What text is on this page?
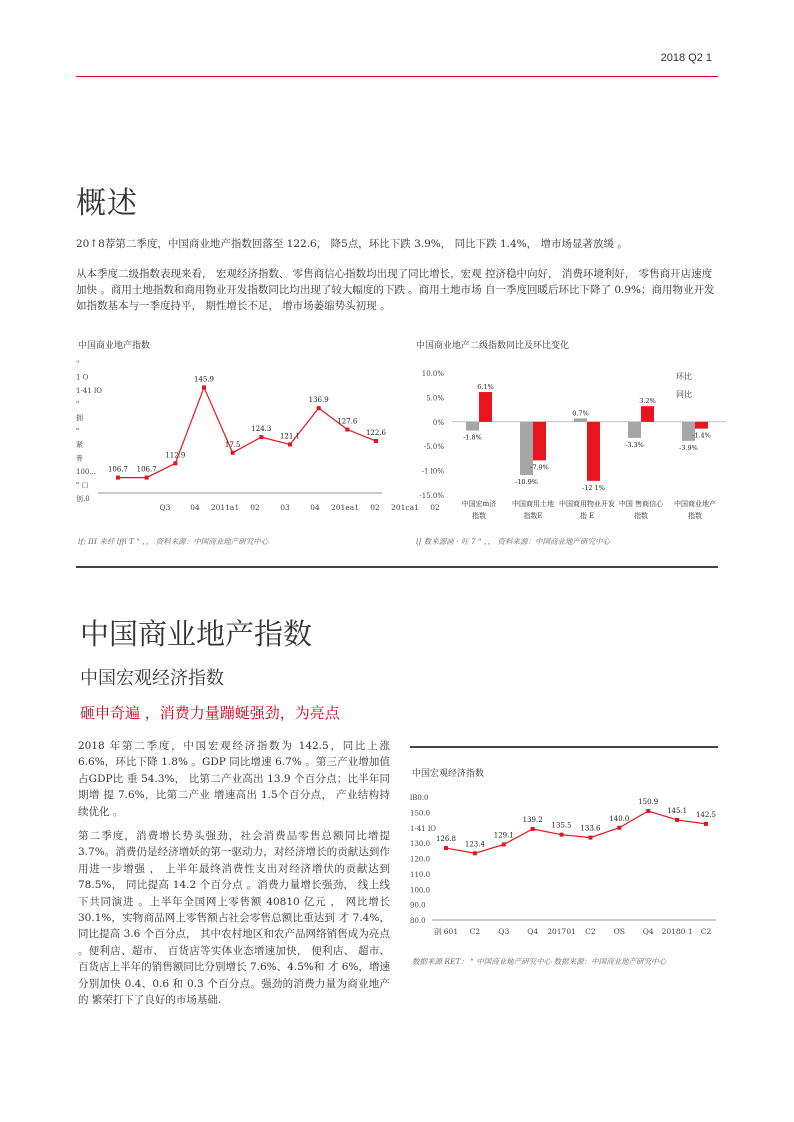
2018 Q2 1
概述
20↑8荐第二季度，中国商业地产指数回落至 122.6， 降5点，环比下跌 3.9%， 同比下跌 1.4%， 增市场显著放缓 。
从本季度二级指数表现来看， 宏观经济指数、 零售商信心指数均出现了同比增长，宏观 控济稳中向好， 消费环境利好， 零售商开店速度加快 。商用土地指数和商用物业开发指数同比均出现了较大幅度的下跌 。商用土地市场 自一季度回暖后环比下降了 0.9%；商用物业开发 如指数基本与一季度持平， 期性增长不足， 增市场萎缩势头初现 。
中国商业地产指数
"
1 O
1-41 lO
"
拥
"
紧
骨
100...
" 口
创.0
Q3	04 2011a1 02	03	04 201ea1 02 201ca1 02
106.7 106.7
112.9
145.9
17.5
124.3
121.1
136.9
127.6
122.6
lf; III 来纤 lffl T " ，， 资料来源：中国商业地产研究中心
中国商业地产二级指数同比及环比变化
10.0%
5.0%
0%
-5.0%
-1 l0%
-15.0%
-1.8%
6.1%
-10.9%
-7.9%
0.7%
-12 1%
-3.3%
3.2%
-3.9%
-1.4%
中国宏m济
指数
中国商用土地
指数E
中国商用物业开发
指 E
中国 售商信心
指数
中国商业地产
指数
环比
同比
lJ 数来源画 · 旺 7 " ，， 资料来源：中国商业地产研究中心
中国商业地产指数
中国宏观经济指数
砸申奇遍 ，消费力量蹦蜒强劲，为亮点
2018 年第二季度，中国宏观经济指数为 142.5，同比上涨 6.6%，环比下降 1.8% 。GDP 同比增速 6.7% 。第三产业增加值 占GDP比 重 54.3%， 比第二产业高出 13.9 个百分点；比半年同期增 提 7.6%，比第二产业 增速高出 1.5个百分点， 产业结构持续优化 。
第二季度，消费增长势头强劲，社会消费品零售总额同比增提 3.7%。消费仍是经济增妖的第一驱动力，对经济增长的贡献达到作用进一步增强 ， 上半年最终消费性支出对经济增伏的贡献达到 78.5%， 同比提高 14.2 个百分点 。消费力量增长强劲， 线上线下共同演进 。上半年全国网上零售额 40810 亿元 ， 网比增长 30.1%，实物商品网上零售额占社会零售总额比重达到 才 7.4%，同比提高 3.6 个百分点， 其中农村地区和农产品网络销售成为亮点 。便利店、超市、 百货店等实体业态增速加快， 便利店、 超市、百货店上半年的销售额同比分别增长 7.6%、4.5%和 才 6%，增速分别加快 0.4、0.6 和 0.3 个百分点。强劲的消费力量为商业地产的 繁荣打下了良好的市场基础.
中国宏观经济指数
lB0.0
150.0
1-41 lO
130.0
120.0
110.0
100.0
90.0
80.0
剖 601 C2 Q3 Q4 201701 C2 OS Q4 20180 1 C2
126.8
123.4
129.1
139.2
135.5 133.6
140.0
150.9
145.1 142.5
数据来源 RET： " 中国商业地产研究中心 数据来源：中国商业地产研究中心
